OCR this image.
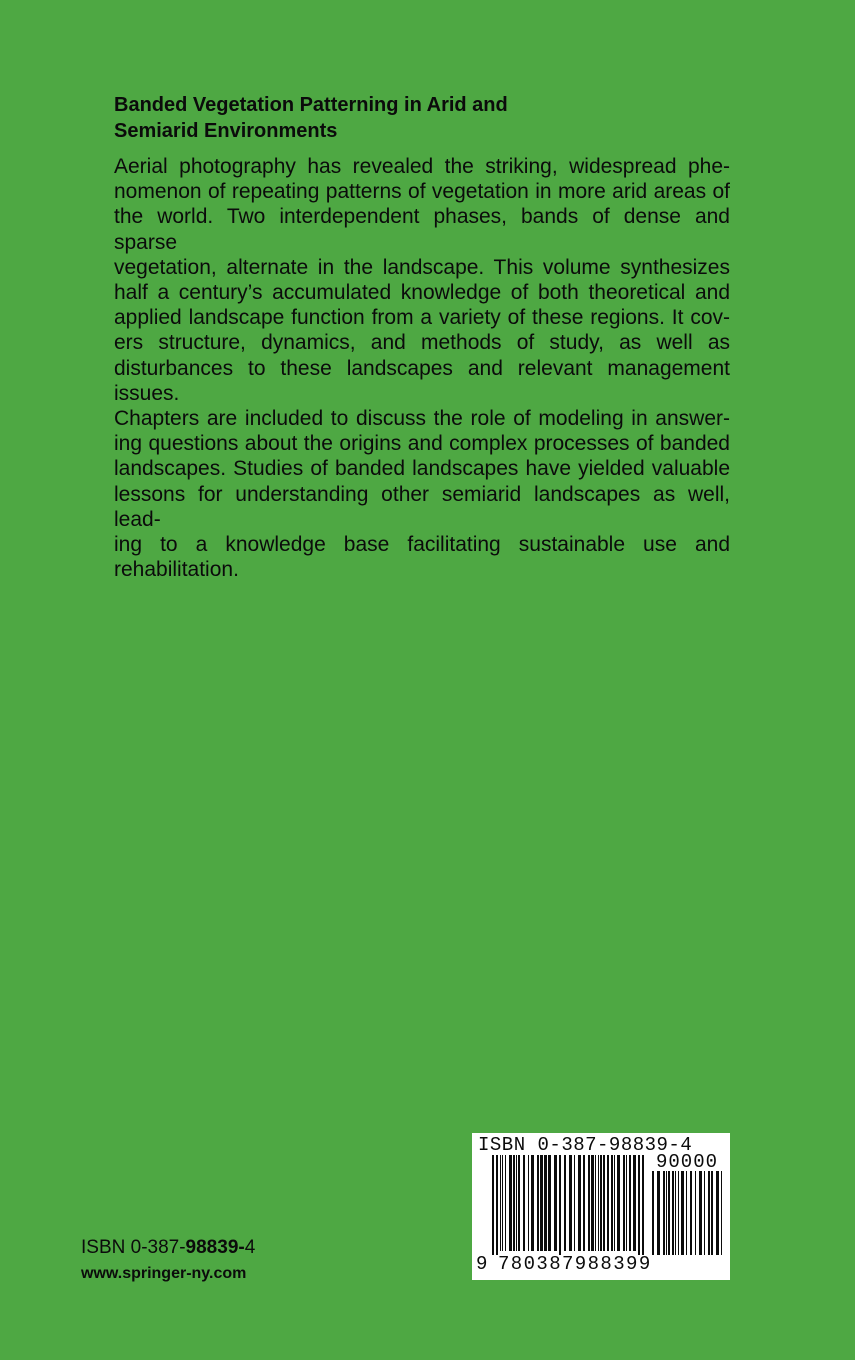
Banded Vegetation Patterning in Arid and
Semiarid Environments
Aerial photography has revealed the striking, widespread phe-
nomenon of repeating patterns of vegetation in more arid areas of
the world. Two interdependent phases, bands of dense and sparse
vegetation, alternate in the landscape. This volume synthesizes
half a century’s accumulated knowledge of both theoretical and
applied landscape function from a variety of these regions. It cov-
ers structure, dynamics, and methods of study, as well as
disturbances to these landscapes and relevant management issues.
Chapters are included to discuss the role of modeling in answer-
ing questions about the origins and complex processes of banded
landscapes. Studies of banded landscapes have yielded valuable
lessons for understanding other semiarid landscapes as well, lead-
ing to a knowledge base facilitating sustainable use and rehabilitation.
ISBN 0-387-98839-4
www.springer-ny.com
ISBN 0-387-98839-4
90000
9 780387988399
